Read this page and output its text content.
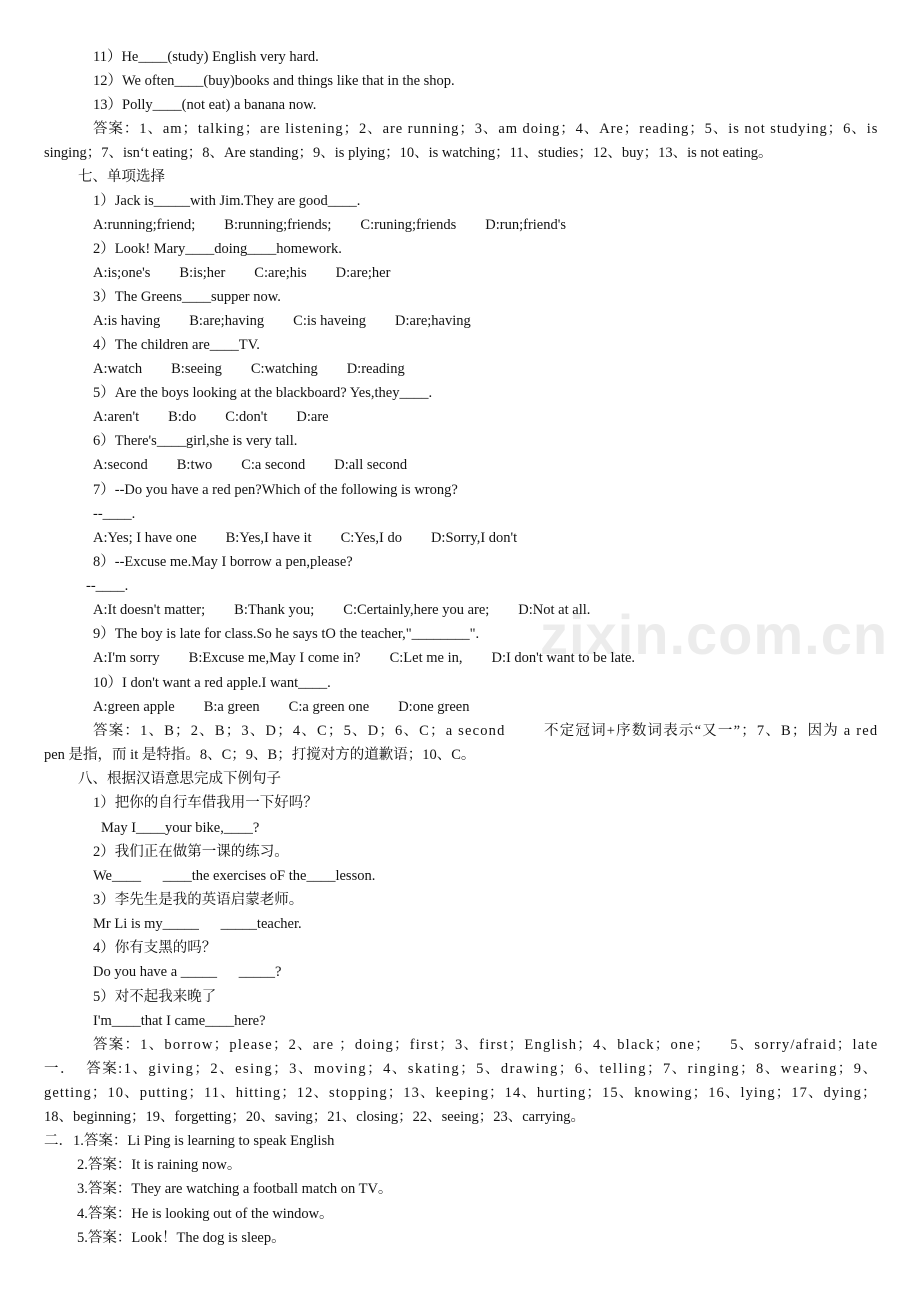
zixin.com.cn
11）He____(study) English very hard.
12）We often____(buy)books and things like that in the shop.
13）Polly____(not eat) a banana now.
答案：1、am；talking；are listening；2、are running；3、am doing；4、Are；reading；5、is not studying；6、is
singing；7、isn‘t eating；8、Are standing；9、is plying；10、is watching；11、studies；12、buy；13、is not eating。
七、单项选择
1）Jack is_____with Jim.They are good____.
A:running;friend;        B:running;friends;        C:runing;friends        D:run;friend's
2）Look! Mary____doing____homework.
A:is;one's        B:is;her        C:are;his        D:are;her
3）The Greens____supper now.
A:is having        B:are;having        C:is haveing        D:are;having
4）The children are____TV.
A:watch        B:seeing        C:watching        D:reading
5）Are the boys looking at the blackboard? Yes,they____.
A:aren't        B:do        C:don't        D:are
6）There's____girl,she is very tall.
A:second        B:two        C:a second        D:all second
7）--Do you have a red pen?Which of the following is wrong?
--____.
A:Yes; I have one        B:Yes,I have it        C:Yes,I do        D:Sorry,I don't
8）--Excuse me.May I borrow a pen,please?
--____.
A:It doesn't matter;        B:Thank you;        C:Certainly,here you are;        D:Not at all.
9）The boy is late for class.So he says tO the teacher,"________".
A:I'm sorry        B:Excuse me,May I come in?        C:Let me in,        D:I don't want to be late.
10）I don't want a red apple.I want____.
A:green apple        B:a green        C:a green one        D:one green
答案：1、B；2、B；3、D；4、C；5、D；6、C；a second        不定冠词+序数词表示“又一”；7、B；因为 a red
pen 是指，而 it 是特指。8、C；9、B；打搅对方的道歉语；10、C。
八、根据汉语意思完成下例句子
1）把你的自行车借我用一下好吗？
May I____your bike,____?
2）我们正在做第一课的练习。
We____      ____the exercises oF the____lesson.
3）李先生是我的英语启蒙老师。
Mr Li is my_____      _____teacher.
4）你有支黑的吗？
Do you have a _____      _____?
5）对不起我来晚了
I'm____that I came____here?
答案：1、borrow；please；2、are ；doing；first；3、first；English；4、black；one；    5、sorry/afraid；late
一．  答案:1、giving；2、esing；3、moving；4、skating；5、drawing；6、telling；7、ringing；8、wearing；9、
getting；10、putting；11、hitting；12、stopping；13、keeping；14、hurting；15、knowing；16、lying；17、dying；
18、beginning；19、forgetting；20、saving；21、closing；22、seeing；23、carrying。
二．1.答案：Li Ping is learning to speak English
2.答案：It is raining now。
3.答案：They are watching a football match on TV。
4.答案：He is looking out of the window。
5.答案：Look！The dog is sleep。
